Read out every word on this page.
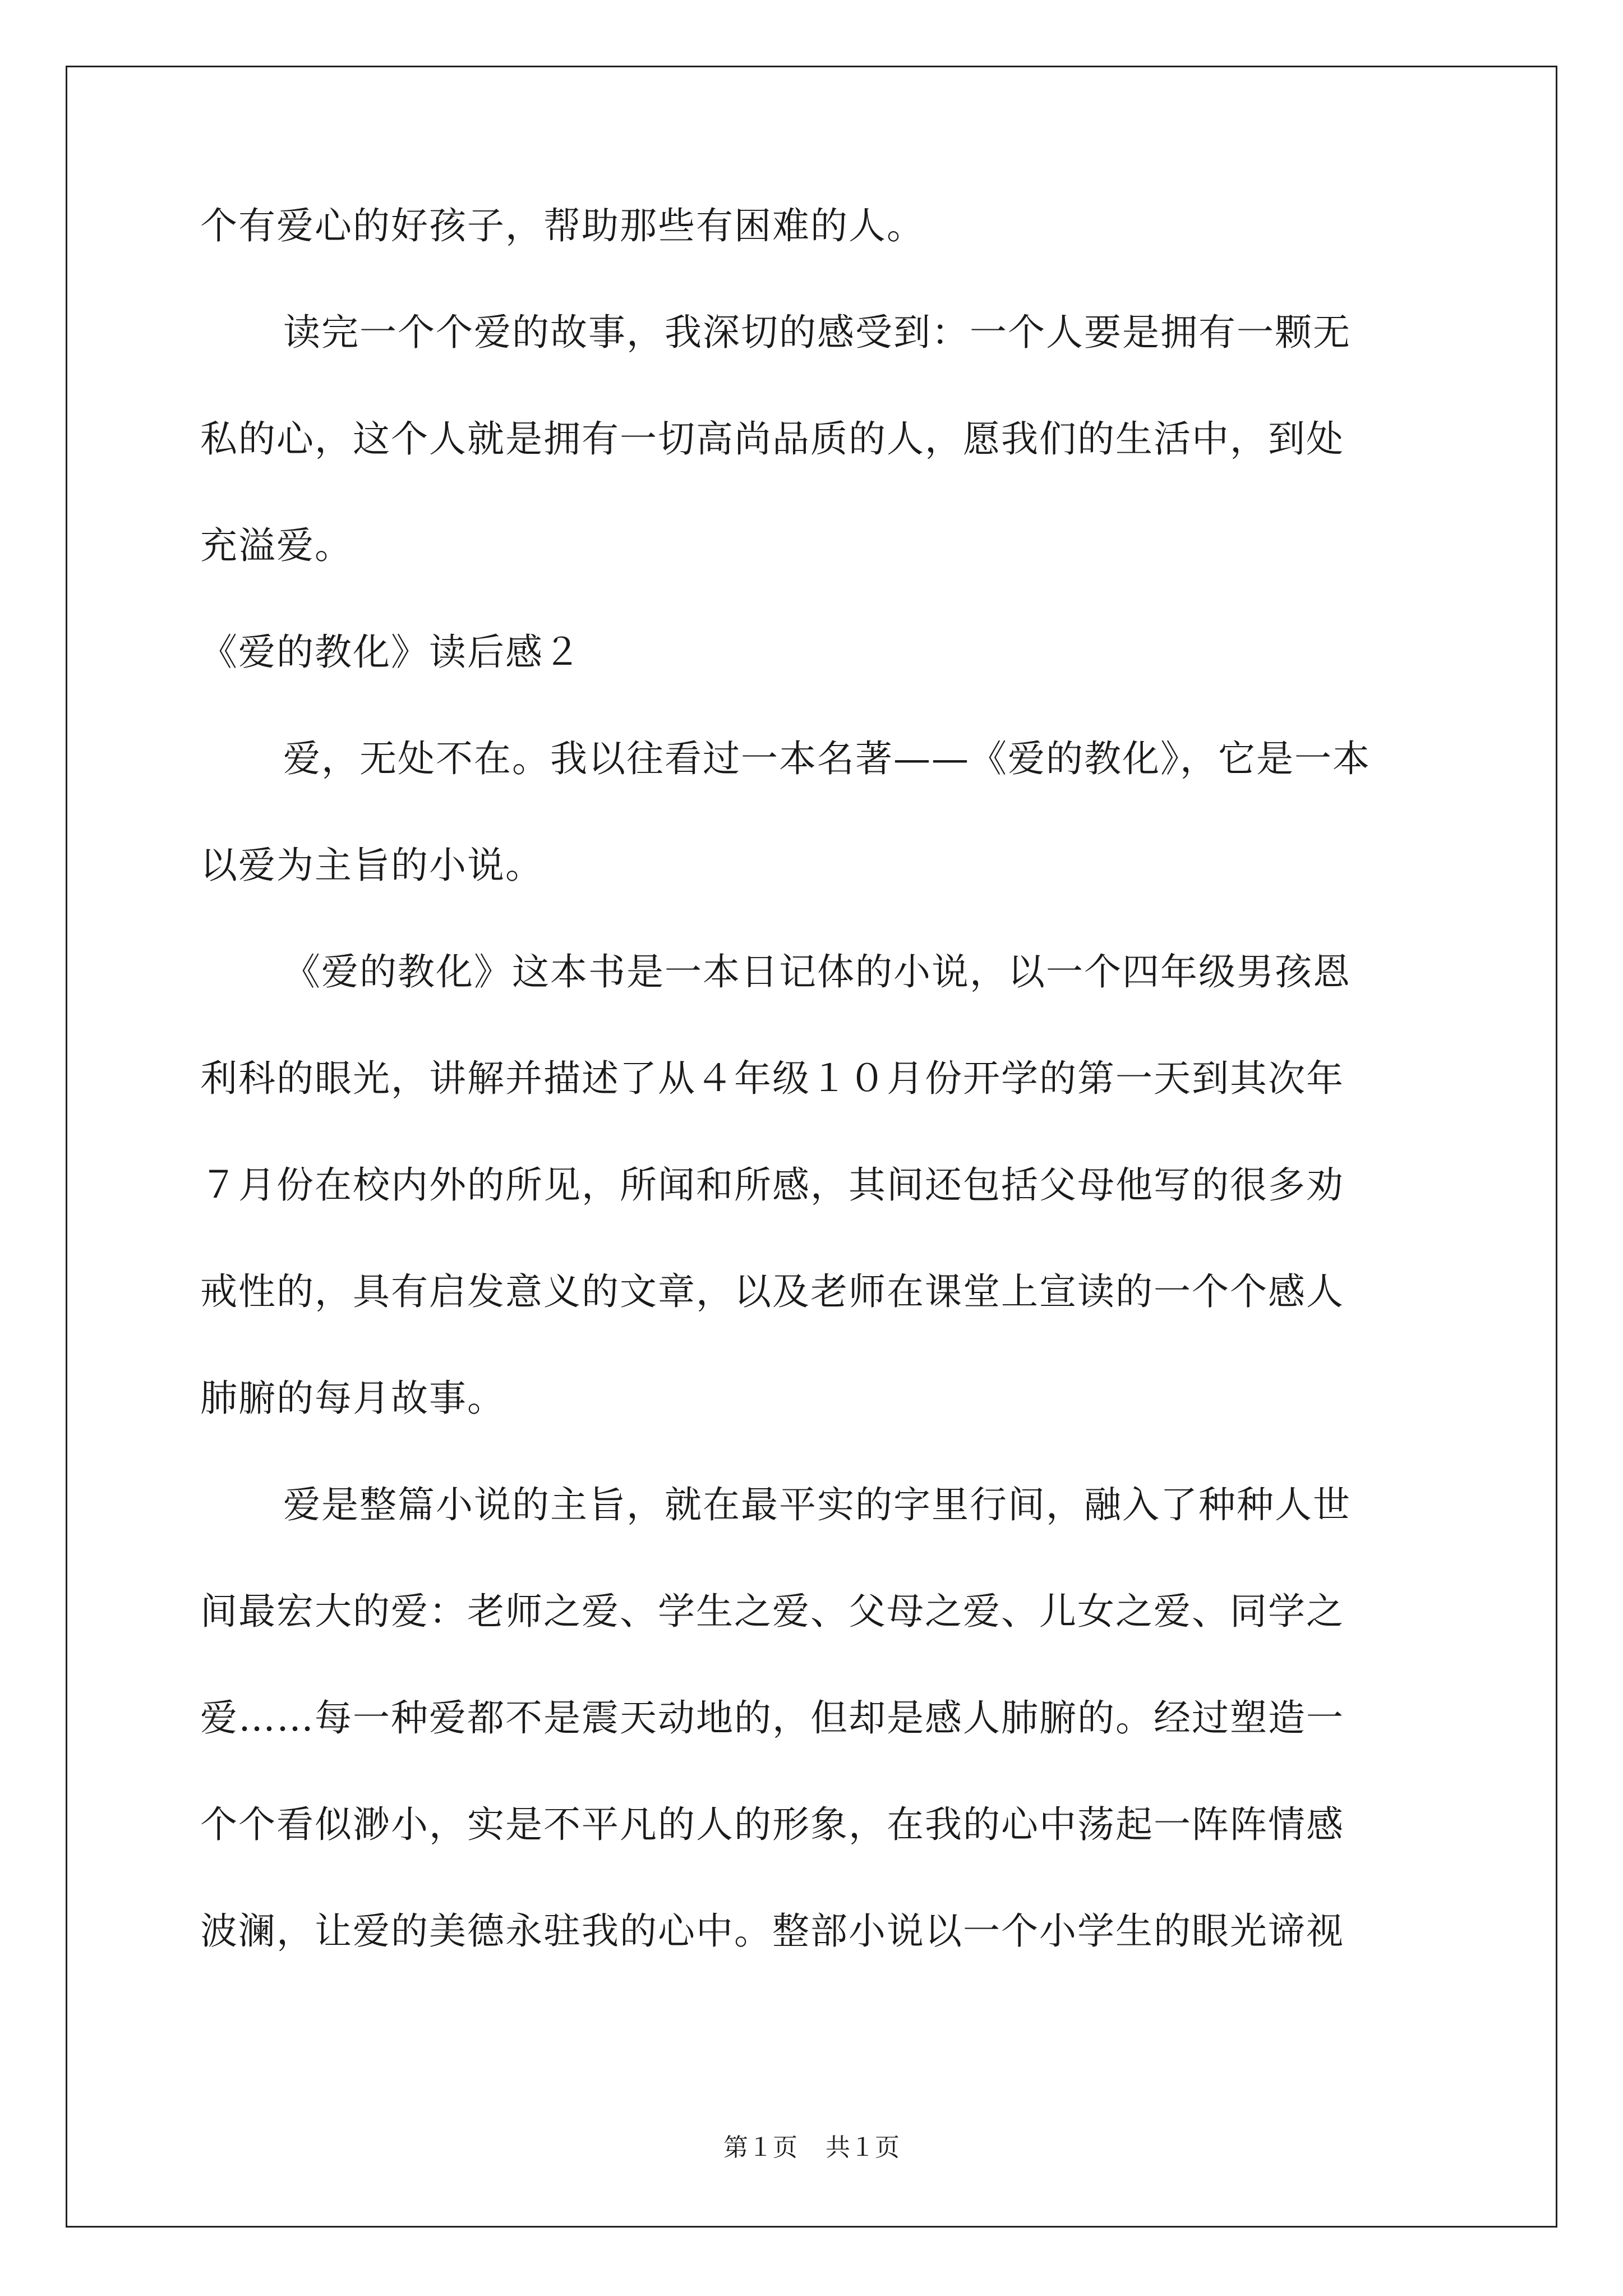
个有爱心的好孩子，帮助那些有困难的人。
读完一个个爱的故事，我深切的感受到：一个人要是拥有一颗无
私的心，这个人就是拥有一切高尚品质的人，愿我们的生活中，到处
充溢爱。
《爱的教化》读后感２
爱，无处不在。我以往看过一本名著——《爱的教化》，它是一本
以爱为主旨的小说。
《爱的教化》这本书是一本日记体的小说，以一个四年级男孩恩
利科的眼光，讲解并描述了从４年级１０月份开学的第一天到其次年
７月份在校内外的所见，所闻和所感，其间还包括父母他写的很多劝
戒性的，具有启发意义的文章，以及老师在课堂上宣读的一个个感人
肺腑的每月故事。
爱是整篇小说的主旨，就在最平实的字里行间，融入了种种人世
间最宏大的爱：老师之爱、学生之爱、父母之爱、儿女之爱、同学之
爱……每一种爱都不是震天动地的，但却是感人肺腑的。经过塑造一
个个看似渺小，实是不平凡的人的形象，在我的心中荡起一阵阵情感
波澜，让爱的美德永驻我的心中。整部小说以一个小学生的眼光谛视
第１页 共１页
